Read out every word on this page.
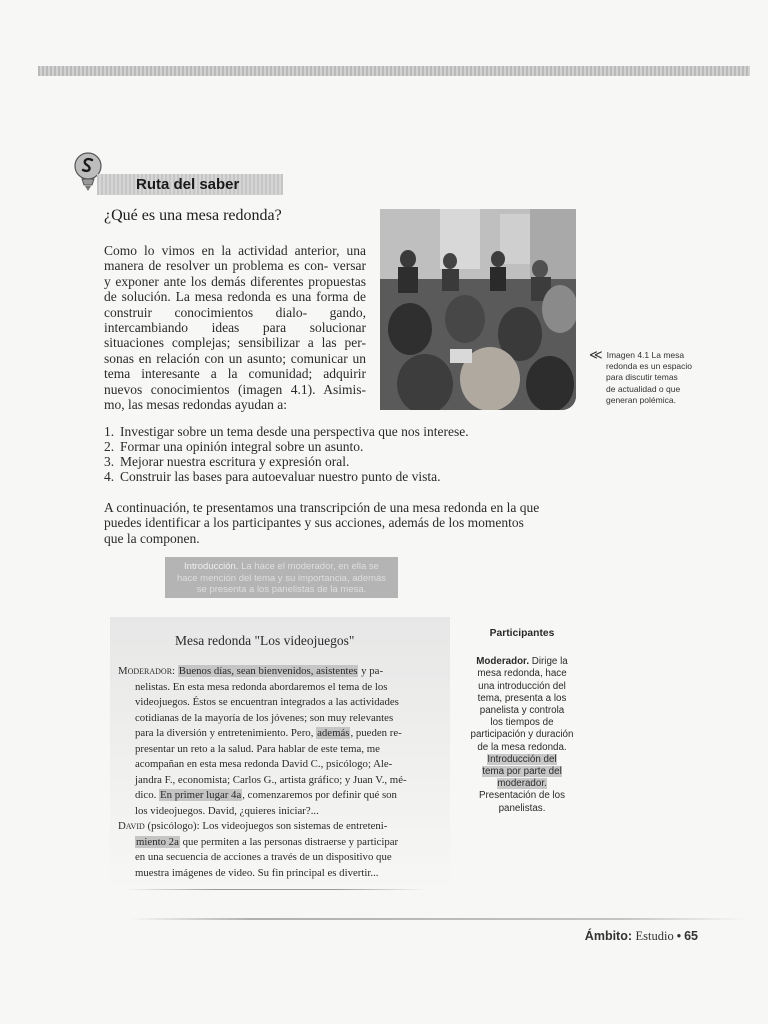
Ruta del saber
¿Qué es una mesa redonda?

Como lo vimos en la actividad anterior, una manera de resolver un problema es con- versar y exponer ante los demás diferentes propuestas de solución. La mesa redonda es una forma de construir conocimientos dialo- gando, intercambiando ideas para solucionar situaciones complejas; sensibilizar a las per- sonas en relación con un asunto; comunicar un tema interesante a la comunidad; adquirir nuevos conocimientos (imagen 4.1). Asimis- mo, las mesas redondas ayudan a:

≪ Imagen 4.1 La mesa
redonda es un espacio
para discutir temas
de actualidad o que
generan polémica.
1. Investigar sobre un tema desde una perspectiva que nos interese.
2. Formar una opinión integral sobre un asunto.
3. Mejorar nuestra escritura y expresión oral.
4. Construir las bases para autoevaluar nuestro punto de vista.

A continuación, te presentamos una transcripción de una mesa redonda en la que
puedes identificar a los participantes y sus acciones, además de los momentos
que la componen.

Introducción. La hace el moderador, en ella se
hace mención del tema y su importancia, además
se presenta a los panelistas de la mesa.
Mesa redonda "Los videojuegos"

Moderador: Buenos días, sean bienvenidos, asistentes y pa-

nelistas. En esta mesa redonda abordaremos el tema de los

videojuegos. Éstos se encuentran integrados a las actividades

cotidianas de la mayoría de los jóvenes; son muy relevantes

para la diversión y entretenimiento. Pero, además, pueden re-

presentar un reto a la salud. Para hablar de este tema, me

acompañan en esta mesa redonda David C., psicólogo; Ale-

jandra F., economista; Carlos G., artista gráfico; y Juan V., mé-

dico. En primer lugar 4a, comenzaremos por definir qué son

los videojuegos. David, ¿quieres iniciar?...

David (psicólogo): Los videojuegos son sistemas de entreteni-

miento 2a que permiten a las personas distraerse y participar

en una secuencia de acciones a través de un dispositivo que

muestra imágenes de video. Su fin principal es divertir...

Participantes
Moderador. Dirige la
mesa redonda, hace
una introducción del
tema, presenta a los
panelista y controla
los tiempos de
participación y duración
de la mesa redonda.
Introducción del
tema por parte del
moderador.
Presentación de los
panelistas.
Ámbito: Estudio • 65
